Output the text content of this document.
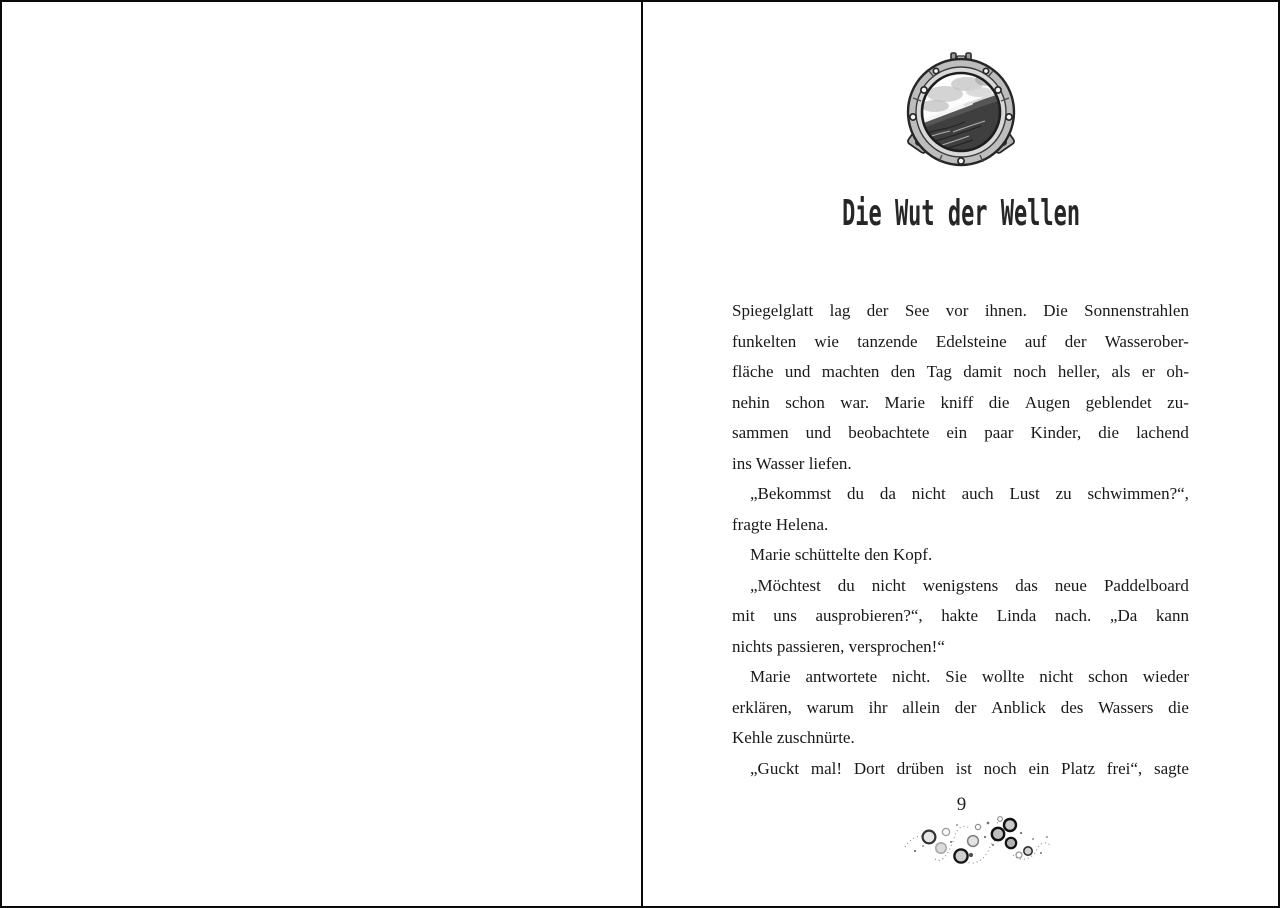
Die Wut der Wellen
Spiegelglatt lag der See vor ihnen. Die Sonnenstrahlen
funkelten wie tanzende Edelsteine auf der Wasserober-
fläche und machten den Tag damit noch heller, als er oh-
nehin schon war. Marie kniff die Augen geblendet zu-
sammen und beobachtete ein paar Kinder, die lachend
ins Wasser liefen.
„Bekommst du da nicht auch Lust zu schwimmen?“,
fragte Helena.
Marie schüttelte den Kopf.
„Möchtest du nicht wenigstens das neue Paddelboard
mit uns ausprobieren?“, hakte Linda nach. „Da kann
nichts passieren, versprochen!“
Marie antwortete nicht. Sie wollte nicht schon wieder
erklären, warum ihr allein der Anblick des Wassers die
Kehle zuschnürte.
„Guckt mal! Dort drüben ist noch ein Platz frei“, sagte
9
